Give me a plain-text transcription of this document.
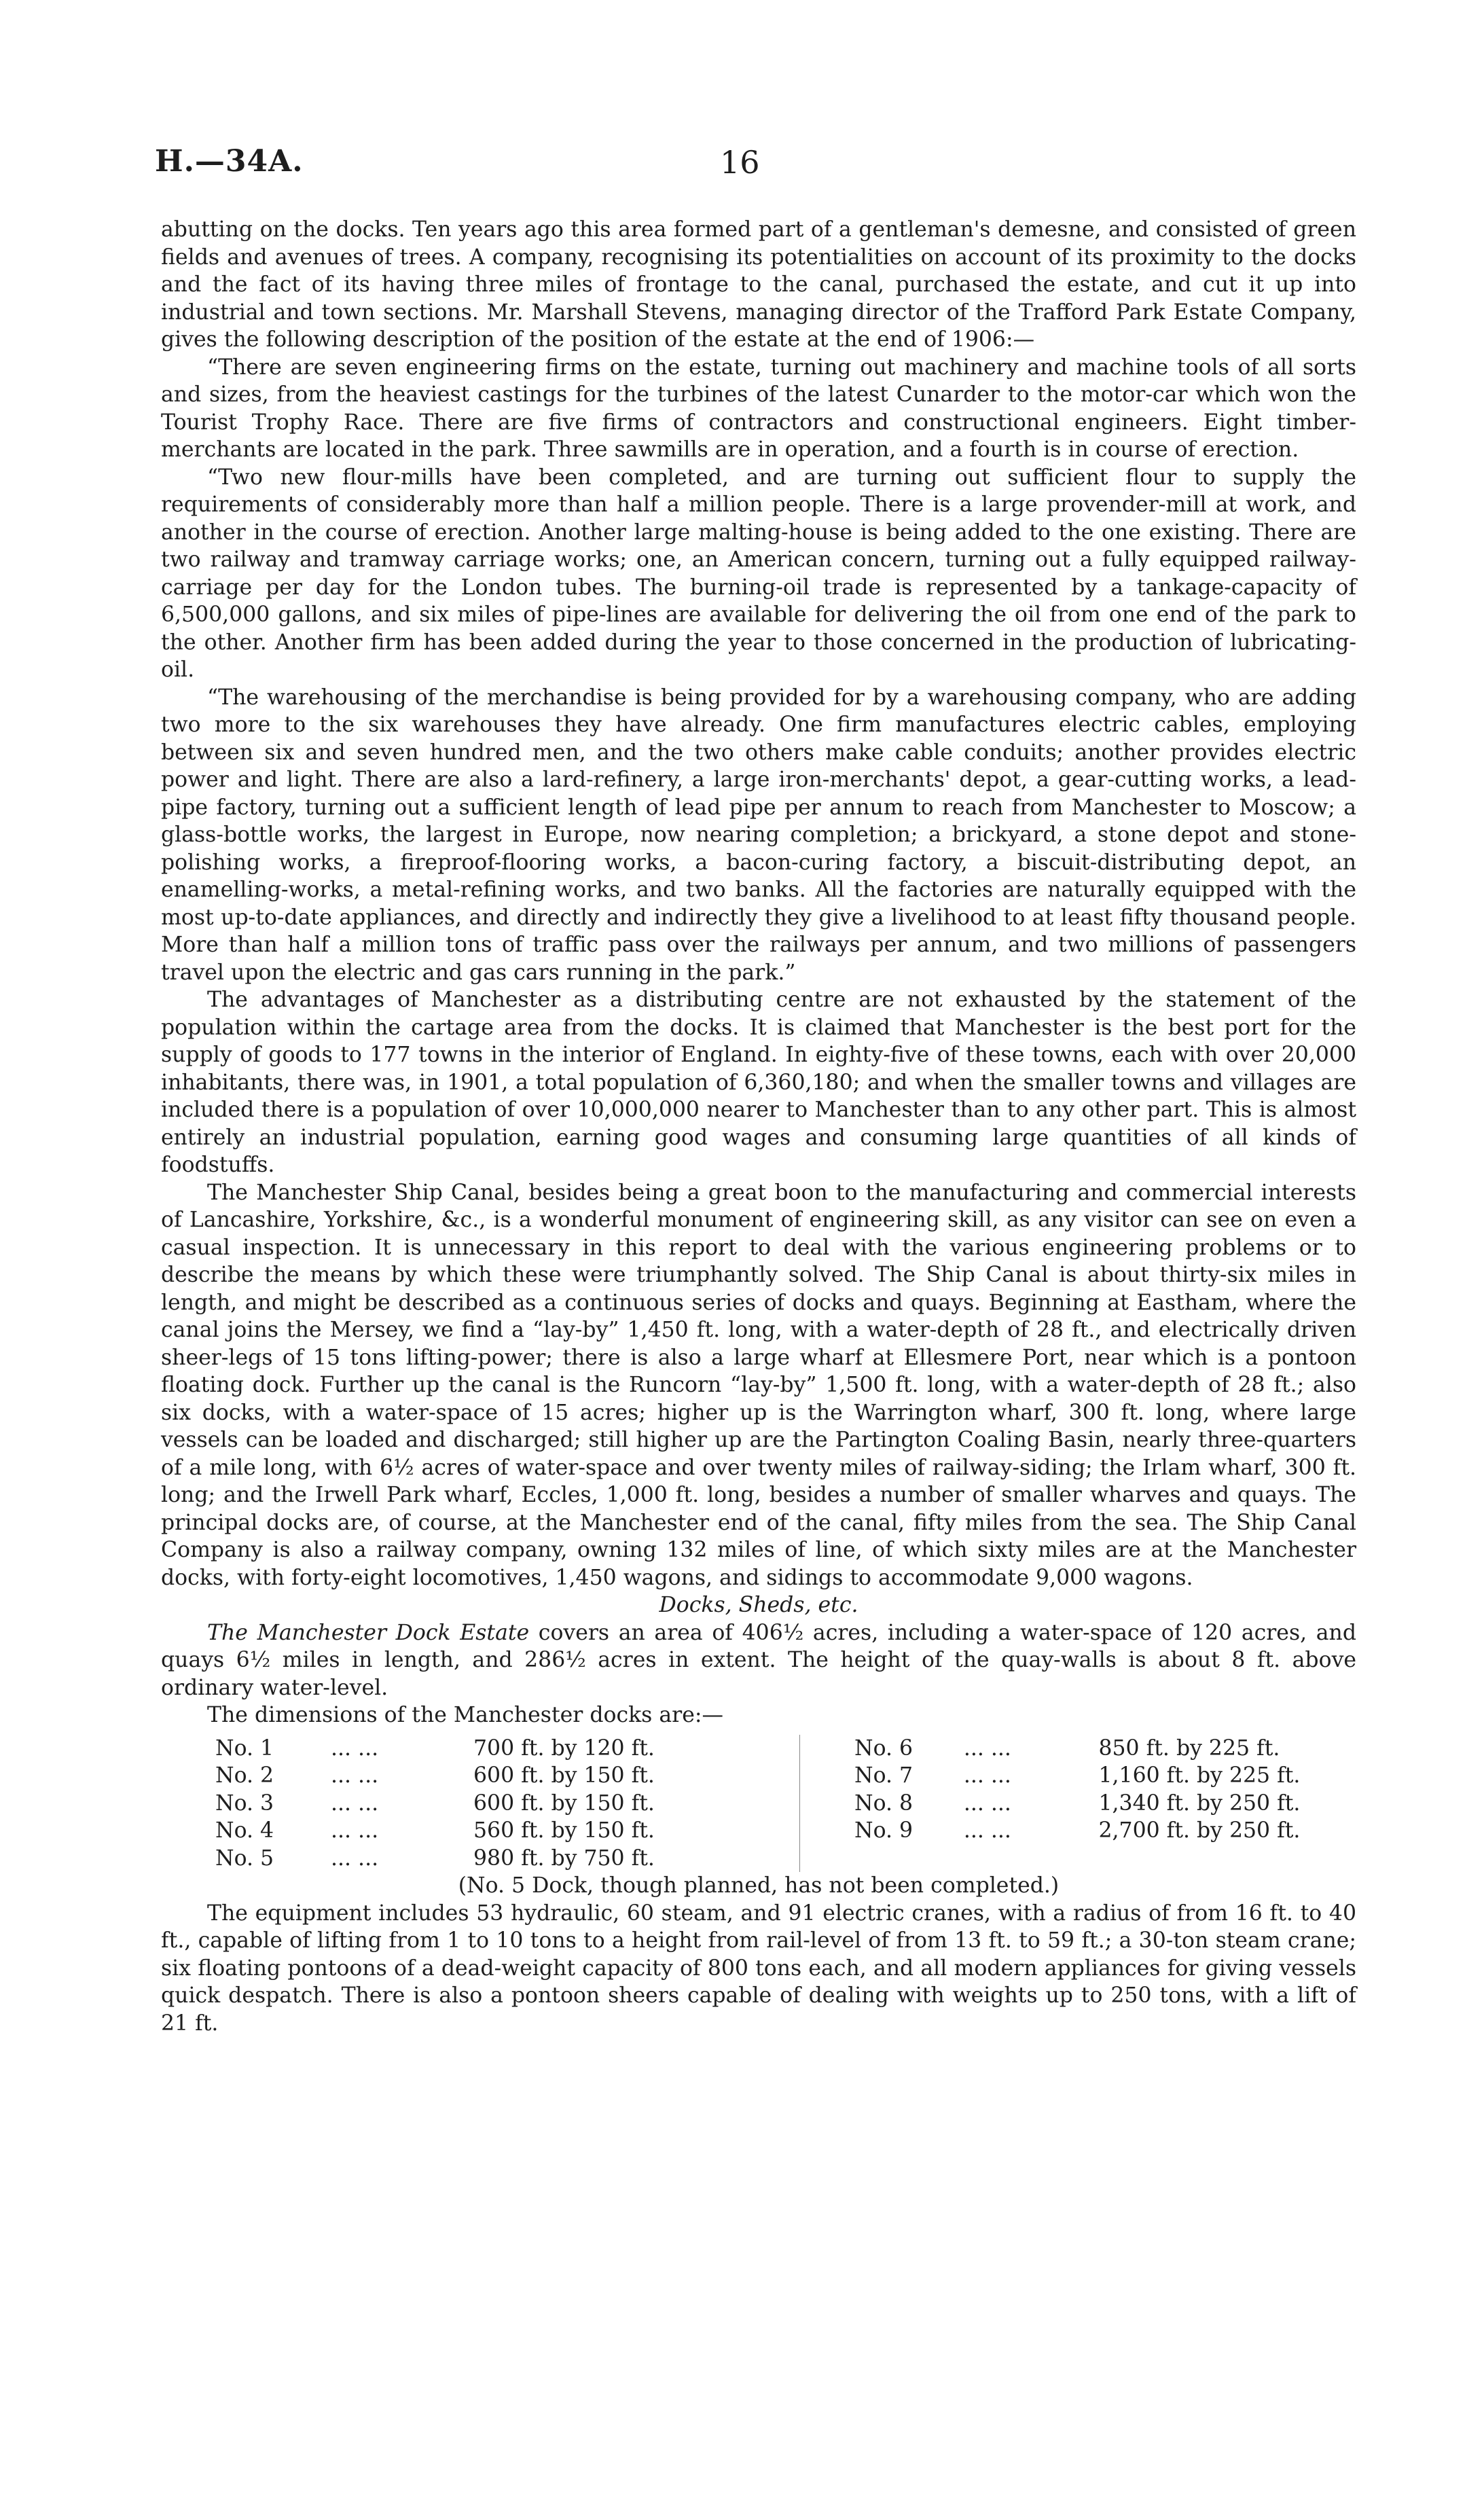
H.—34A.	16

abutting on the docks. Ten years ago this area formed part of a gentleman's demesne, and consisted of green fields and avenues of trees. A company, recognising its potentialities on account of its proximity to the docks and the fact of its having three miles of frontage to the canal, purchased the estate, and cut it up into industrial and town sections. Mr. Marshall Stevens, managing director of the Trafford Park Estate Company, gives the following description of the position of the estate at the end of 1906:—

“There are seven engineering firms on the estate, turning out machinery and machine tools of all sorts and sizes, from the heaviest castings for the turbines of the latest Cunarder to the motor-car which won the Tourist Trophy Race. There are five firms of contractors and constructional engineers. Eight timber-merchants are located in the park. Three sawmills are in operation, and a fourth is in course of erection.

“Two new flour-mills have been completed, and are turning out sufficient flour to supply the requirements of considerably more than half a million people. There is a large provender-mill at work, and another in the course of erection. Another large malting-house is being added to the one existing. There are two railway and tramway carriage works; one, an American concern, turning out a fully equipped railway-carriage per day for the London tubes. The burning-oil trade is represented by a tankage-capacity of 6,500,000 gallons, and six miles of pipe-lines are available for delivering the oil from one end of the park to the other. Another firm has been added during the year to those concerned in the production of lubricating-oil.

“The warehousing of the merchandise is being provided for by a warehousing company, who are adding two more to the six warehouses they have already. One firm manufactures electric cables, employing between six and seven hundred men, and the two others make cable conduits; another provides electric power and light. There are also a lard-refinery, a large iron-merchants' depot, a gear-cutting works, a lead-pipe factory, turning out a sufficient length of lead pipe per annum to reach from Manchester to Moscow; a glass-bottle works, the largest in Europe, now nearing completion; a brickyard, a stone depot and stone-polishing works, a fireproof-flooring works, a bacon-curing factory, a biscuit-distributing depot, an enamelling-works, a metal-refining works, and two banks. All the factories are naturally equipped with the most up-to-date appliances, and directly and indirectly they give a livelihood to at least fifty thousand people. More than half a million tons of traffic pass over the railways per annum, and two millions of passengers travel upon the electric and gas cars running in the park.”

The advantages of Manchester as a distributing centre are not exhausted by the statement of the population within the cartage area from the docks. It is claimed that Manchester is the best port for the supply of goods to 177 towns in the interior of England. In eighty-five of these towns, each with over 20,000 inhabitants, there was, in 1901, a total population of 6,360,180; and when the smaller towns and villages are included there is a population of over 10,000,000 nearer to Manchester than to any other part. This is almost entirely an industrial population, earning good wages and consuming large quantities of all kinds of foodstuffs.

The Manchester Ship Canal, besides being a great boon to the manufacturing and commercial interests of Lancashire, Yorkshire, &c., is a wonderful monument of engineering skill, as any visitor can see on even a casual inspection. It is unnecessary in this report to deal with the various engineering problems or to describe the means by which these were triumphantly solved. The Ship Canal is about thirty-six miles in length, and might be described as a continuous series of docks and quays. Beginning at Eastham, where the canal joins the Mersey, we find a “lay-by” 1,450 ft. long, with a water-depth of 28 ft., and electrically driven sheer-legs of 15 tons lifting-power; there is also a large wharf at Ellesmere Port, near which is a pontoon floating dock. Further up the canal is the Runcorn “lay-by” 1,500 ft. long, with a water-depth of 28 ft.; also six docks, with a water-space of 15 acres; higher up is the Warrington wharf, 300 ft. long, where large vessels can be loaded and discharged; still higher up are the Partington Coaling Basin, nearly three-quarters of a mile long, with 6½ acres of water-space and over twenty miles of railway-siding; the Irlam wharf, 300 ft. long; and the Irwell Park wharf, Eccles, 1,000 ft. long, besides a number of smaller wharves and quays. The principal docks are, of course, at the Manchester end of the canal, fifty miles from the sea. The Ship Canal Company is also a railway company, owning 132 miles of line, of which sixty miles are at the Manchester docks, with forty-eight locomotives, 1,450 wagons, and sidings to accommodate 9,000 wagons.

Docks, Sheds, etc.

The Manchester Dock Estate covers an area of 406½ acres, including a water-space of 120 acres, and quays 6½ miles in length, and 286½ acres in extent. The height of the quay-walls is about 8 ft. above ordinary water-level.

The dimensions of the Manchester docks are:—

No. 1	... ...	700 ft. by 120 ft.
No. 2	... ...	600 ft. by 150 ft.
No. 3	... ...	600 ft. by 150 ft.
No. 4	... ...	560 ft. by 150 ft.
No. 5	... ...	980 ft. by 750 ft.
No. 6	... ...	850 ft. by 225 ft.
No. 7	... ...	1,160 ft. by 225 ft.
No. 8	... ...	1,340 ft. by 250 ft.
No. 9	... ...	2,700 ft. by 250 ft.

(No. 5 Dock, though planned, has not been completed.)

The equipment includes 53 hydraulic, 60 steam, and 91 electric cranes, with a radius of from 16 ft. to 40 ft., capable of lifting from 1 to 10 tons to a height from rail-level of from 13 ft. to 59 ft.; a 30-ton steam crane; six floating pontoons of a dead-weight capacity of 800 tons each, and all modern appliances for giving vessels quick despatch. There is also a pontoon sheers capable of dealing with weights up to 250 tons, with a lift of 21 ft.
